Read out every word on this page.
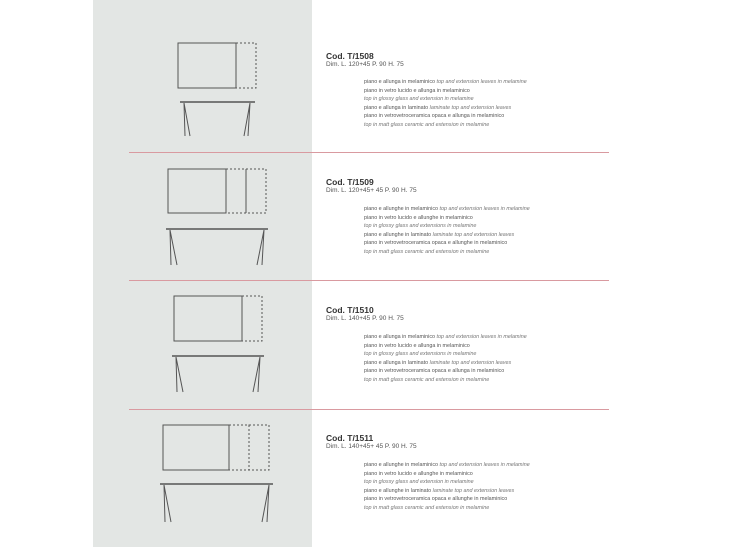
Cod. T/1508
Dim. L. 120+45 P. 90 H. 75
piano e allunga in melaminico top and extension leaves in melamine
piano in vetro lucido e allunga in melaminico
top in glossy glass and extension in melamine
piano e allunga in laminato laminate top and extension leaves
piano in vetrovetroceramica opaca e allunga in melaminico
top in matt glass ceramic and extension in melamine
Cod. T/1509
Dim. L. 120+45+ 45 P. 90 H. 75
piano e allunghe in melaminico top and extension leaves in melamine
piano in vetro lucido e allunghe in melaminico
top in glossy glass and extensions in melamine
piano e allunghe in laminato laminate top and extension leaves
piano in vetrovetroceramica opaca e allunghe in melaminico
top in matt glass ceramic and extension in melamine
Cod. T/1510
Dim. L. 140+45 P. 90 H. 75
piano e allunga in melaminico top and extension leaves in melamine
piano in vetro lucido e allunga in melaminico
top in glossy glass and extensions in melamine
piano e allunga in laminato laminate top and extension leaves
piano in vetrovetroceramica opaca e allunga in melaminico
top in matt glass ceramic and extension in melamine
Cod. T/1511
Dim. L. 140+45+ 45 P. 90 H. 75
piano e allunghe in melaminico top and extension leaves in melamine
piano in vetro lucido e allunghe in melaminico
top in glossy glass and extension in melamine
piano e allunghe in laminato laminate top and extension leaves
piano in vetrovetroceramica opaca e allunghe in melaminico
top in matt glass ceramic and extension in melamine
